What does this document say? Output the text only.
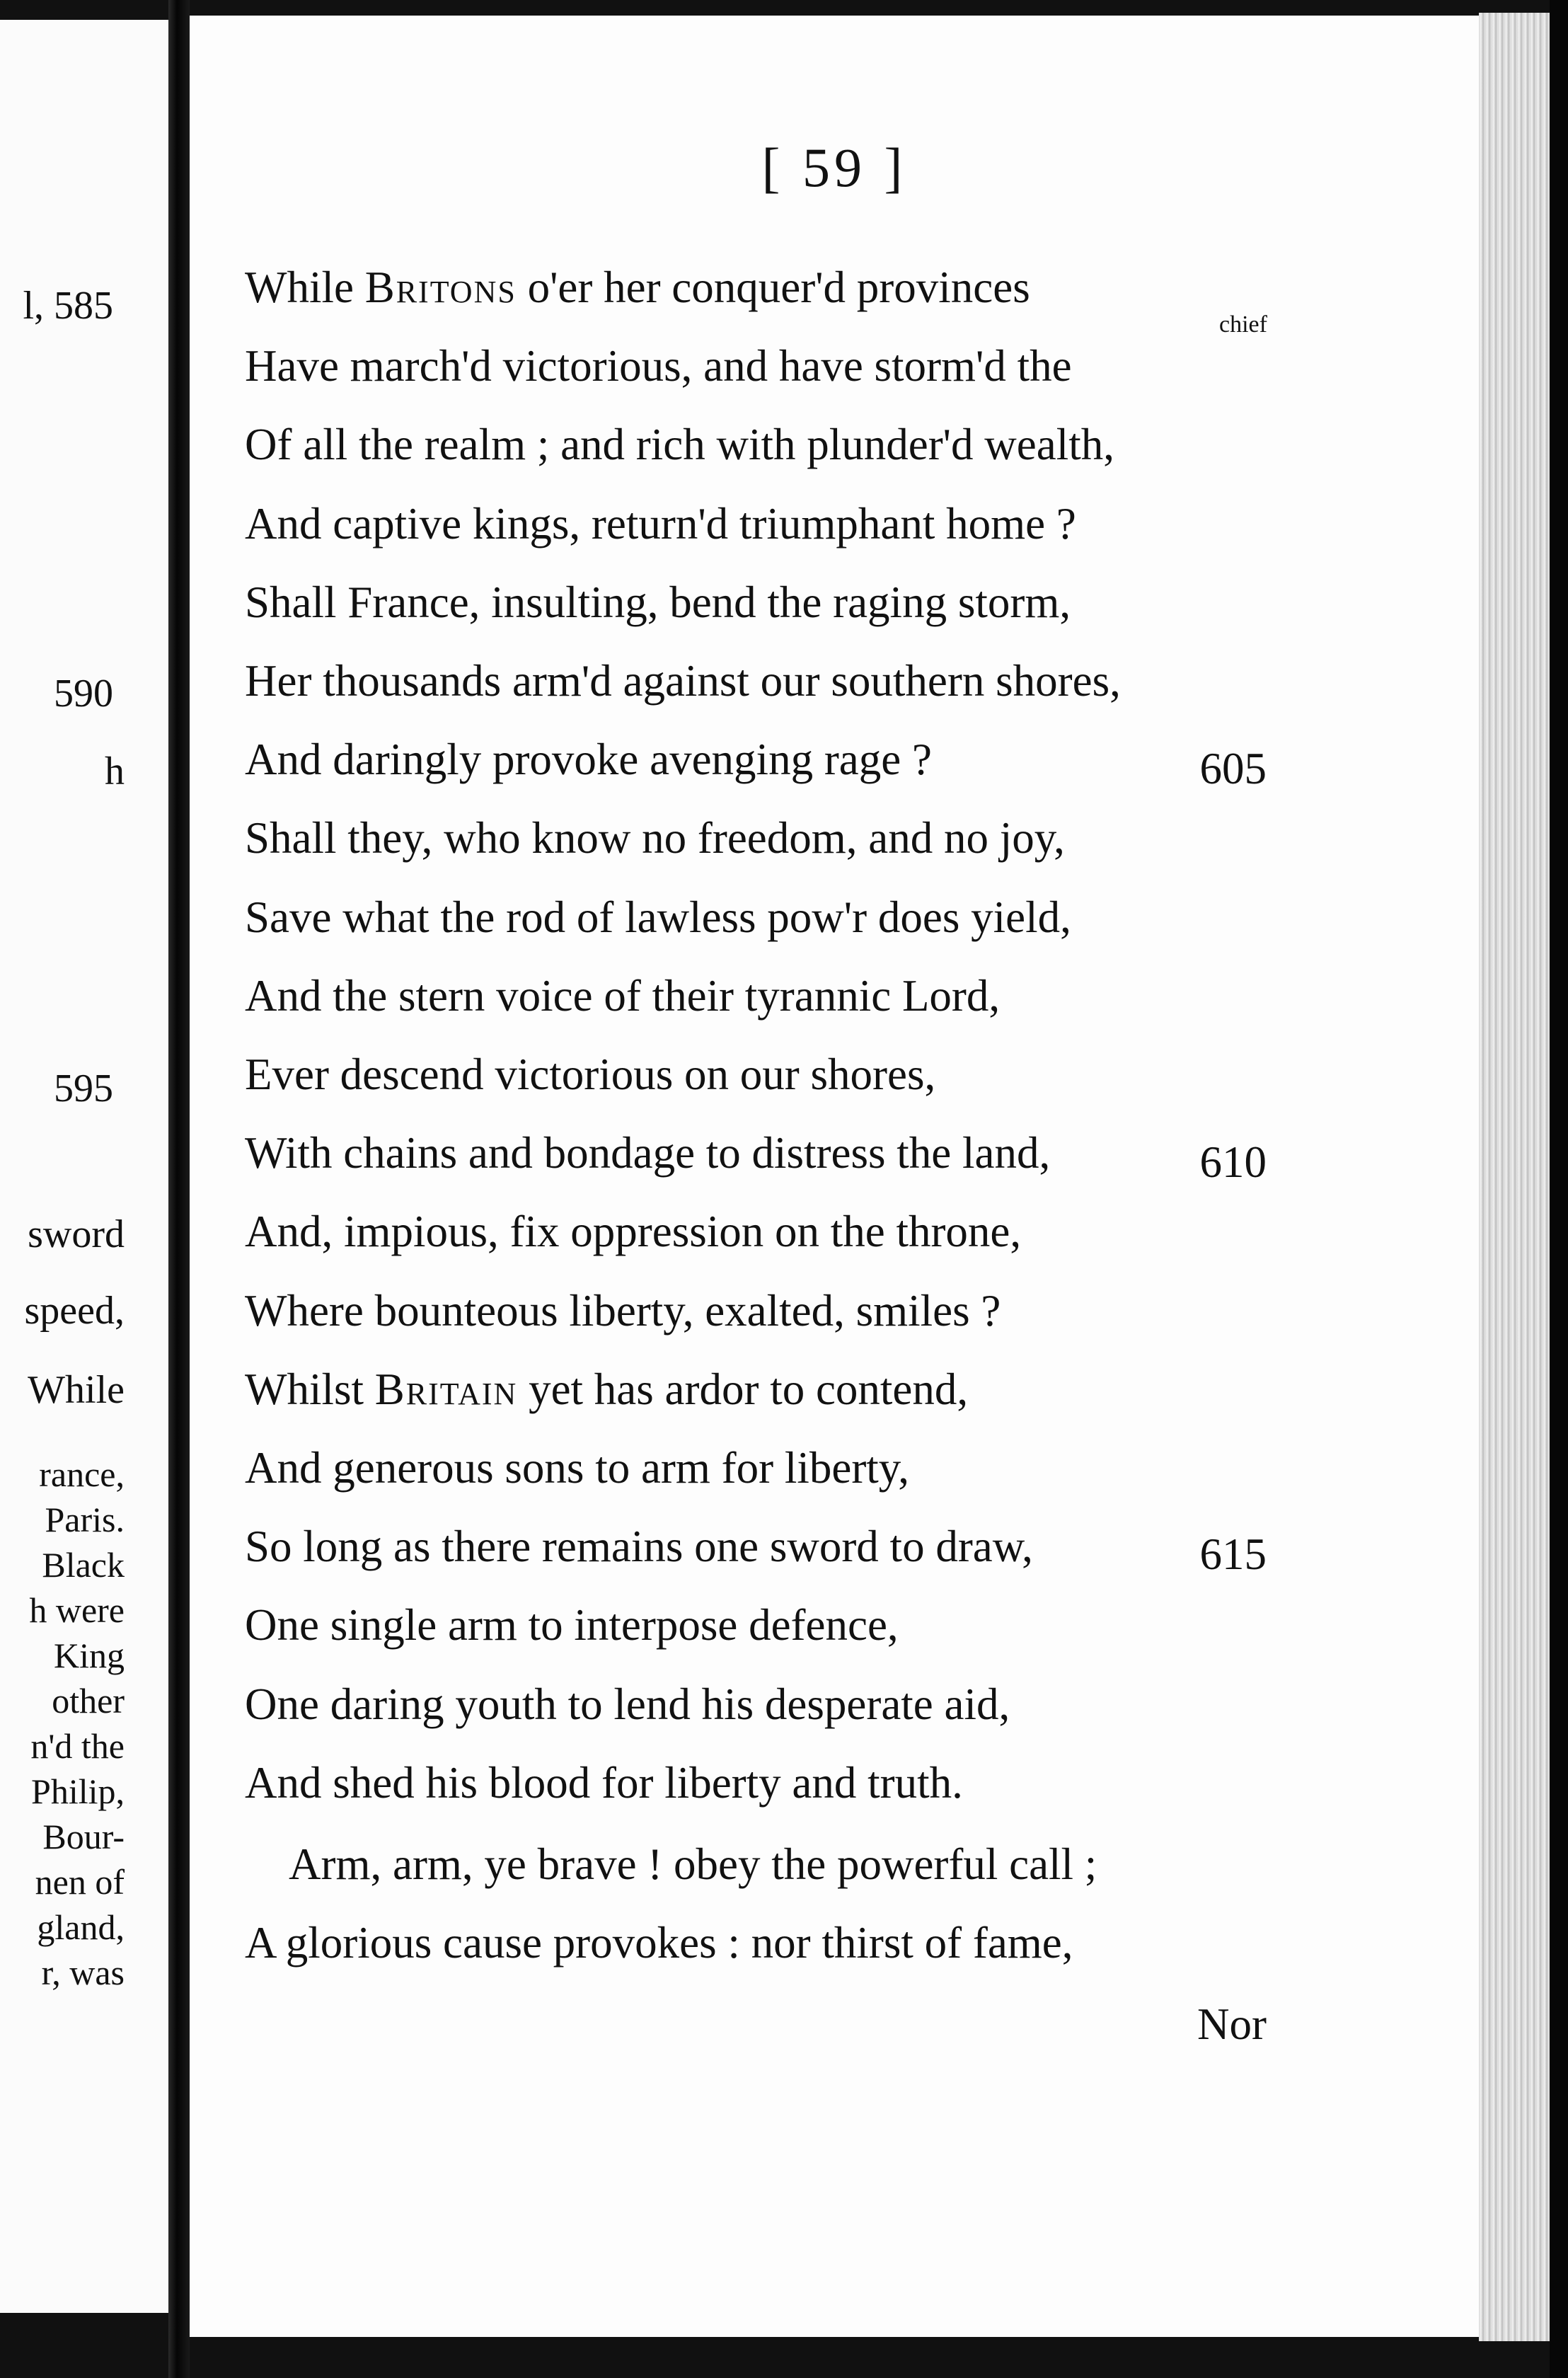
l, 585
590
h
595
sword
speed,
While
rance,
Paris.
Black
h were
King
other
n'd the
Philip,
Bour-
nen of
gland,
r, was
[ 59 ]
chief
While Britons o'er her conquer'd provinces
Have march'd victorious, and have storm'd the
Of all the realm ; and rich with plunder'd wealth,
And captive kings, return'd triumphant home ?
Shall France, insulting, bend the raging storm,
Her thousands arm'd against our southern shores,
And daringly provoke avenging rage ?
Shall they, who know no freedom, and no joy,
Save what the rod of lawless pow'r does yield,
And the stern voice of their tyrannic Lord,
Ever descend victorious on our shores,
With chains and bondage to distress the land,
And, impious, fix oppression on the throne,
Where bounteous liberty, exalted, smiles ?
Whilst Britain yet has ardor to contend,
And generous sons to arm for liberty,
So long as there remains one sword to draw,
One single arm to interpose defence,
One daring youth to lend his desperate aid,
And shed his blood for liberty and truth.
Arm, arm, ye brave ! obey the powerful call ;
A glorious cause provokes : nor thirst of fame,
605
610
615
Nor
